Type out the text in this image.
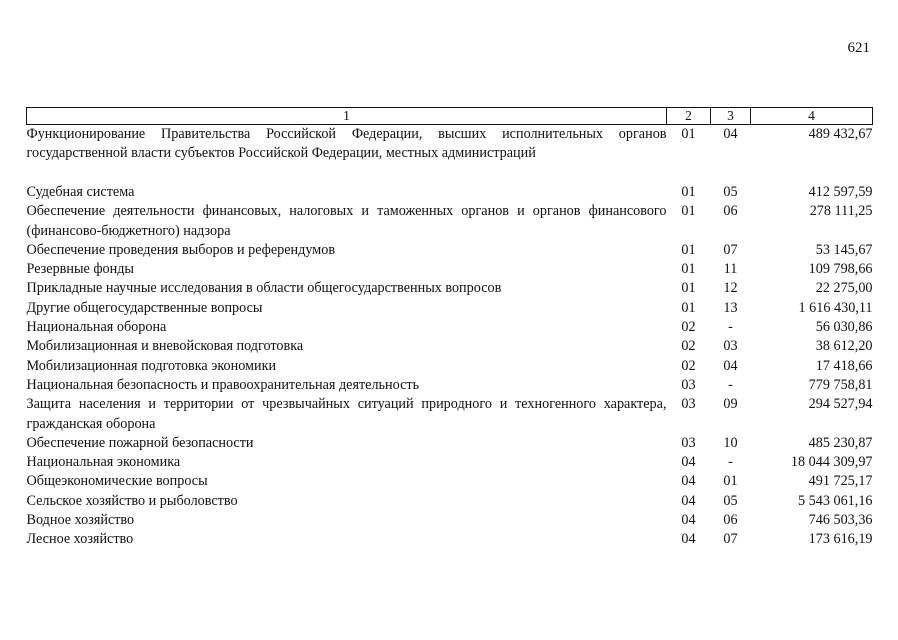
621
1	2	3	4
Функционирование Правительства Российской Федерации, высших исполнительных органов государственной власти субъектов Российской Федерации, местных администраций	01	04	489 432,67
Судебная система	01	05	412 597,59
Обеспечение деятельности финансовых, налоговых и таможенных органов и органов финансового (финансово-бюджетного) надзора	01	06	278 111,25
Обеспечение проведения выборов и референдумов	01	07	53 145,67
Резервные фонды	01	11	109 798,66
Прикладные научные исследования в области общегосударственных вопросов	01	12	22 275,00
Другие общегосударственные вопросы	01	13	1 616 430,11
Национальная оборона	02	-	56 030,86
Мобилизационная и вневойсковая подготовка	02	03	38 612,20
Мобилизационная подготовка экономики	02	04	17 418,66
Национальная безопасность и правоохранительная деятельность	03	-	779 758,81
Защита населения и территории от чрезвычайных ситуаций природного и техногенного характера, гражданская оборона	03	09	294 527,94
Обеспечение пожарной безопасности	03	10	485 230,87
Национальная экономика	04	-	18 044 309,97
Общеэкономические вопросы	04	01	491 725,17
Сельское хозяйство и рыболовство	04	05	5 543 061,16
Водное хозяйство	04	06	746 503,36
Лесное хозяйство	04	07	173 616,19
